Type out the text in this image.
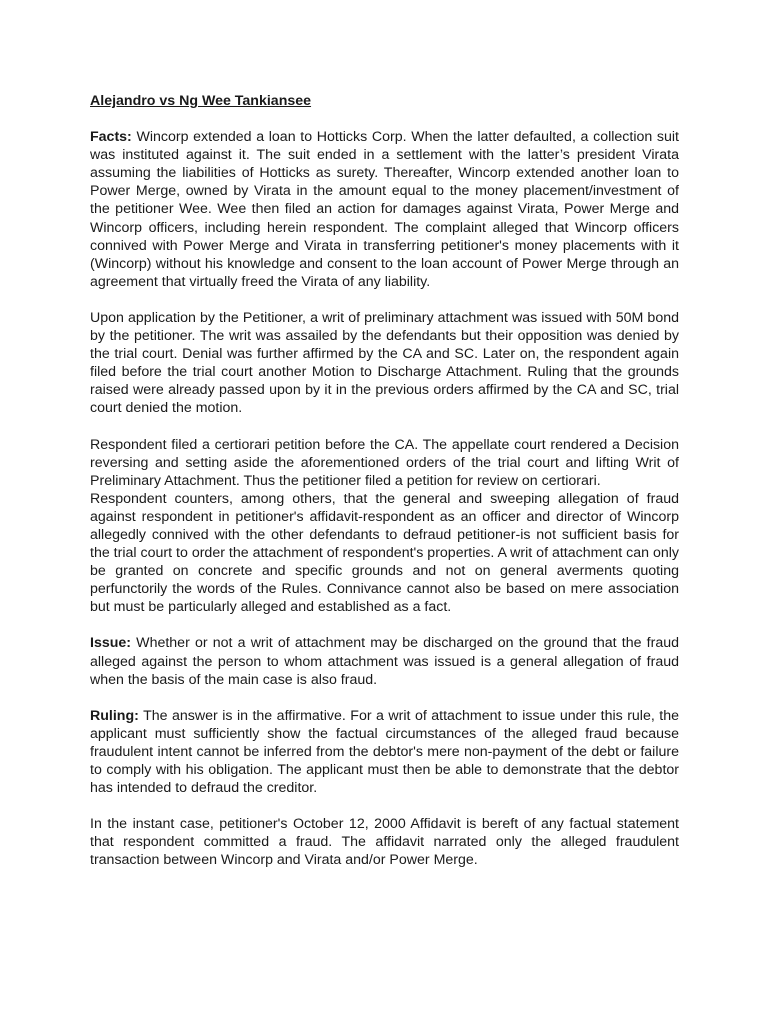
Alejandro vs Ng Wee Tankiansee

Facts: Wincorp extended a loan to Hotticks Corp. When the latter defaulted, a collection suit was instituted against it. The suit ended in a settlement with the latter’s president Virata assuming the liabilities of Hotticks as surety. Thereafter, Wincorp extended another loan to Power Merge, owned by Virata in the amount equal to the money placement/investment of the petitioner Wee. Wee then filed an action for damages against Virata, Power Merge and Wincorp officers, including herein respondent. The complaint alleged that Wincorp officers connived with Power Merge and Virata in transferring petitioner's money placements with it (Wincorp) without his knowledge and consent to the loan account of Power Merge through an agreement that virtually freed the Virata of any liability.

Upon application by the Petitioner, a writ of preliminary attachment was issued with 50M bond by the petitioner. The writ was assailed by the defendants but their opposition was denied by the trial court. Denial was further affirmed by the CA and SC. Later on, the respondent again filed before the trial court another Motion to Discharge Attachment. Ruling that the grounds raised were already passed upon by it in the previous orders affirmed by the CA and SC, trial court denied the motion.

Respondent filed a certiorari petition before the CA. The appellate court rendered a Decision reversing and setting aside the aforementioned orders of the trial court and lifting Writ of Preliminary Attachment. Thus the petitioner filed a petition for review on certiorari.

Respondent counters, among others, that the general and sweeping allegation of fraud against respondent in petitioner's affidavit-respondent as an officer and director of Wincorp allegedly connived with the other defendants to defraud petitioner-is not sufficient basis for the trial court to order the attachment of respondent's properties. A writ of attachment can only be granted on concrete and specific grounds and not on general averments quoting perfunctorily the words of the Rules. Connivance cannot also be based on mere association but must be particularly alleged and established as a fact.

Issue: Whether or not a writ of attachment may be discharged on the ground that the fraud alleged against the person to whom attachment was issued is a general allegation of fraud when the basis of the main case is also fraud.

Ruling: The answer is in the affirmative. For a writ of attachment to issue under this rule, the applicant must sufficiently show the factual circumstances of the alleged fraud because fraudulent intent cannot be inferred from the debtor's mere non-payment of the debt or failure to comply with his obligation. The applicant must then be able to demonstrate that the debtor has intended to defraud the creditor.

In the instant case, petitioner's October 12, 2000 Affidavit is bereft of any factual statement that respondent committed a fraud. The affidavit narrated only the alleged fraudulent transaction between Wincorp and Virata and/or Power Merge.
